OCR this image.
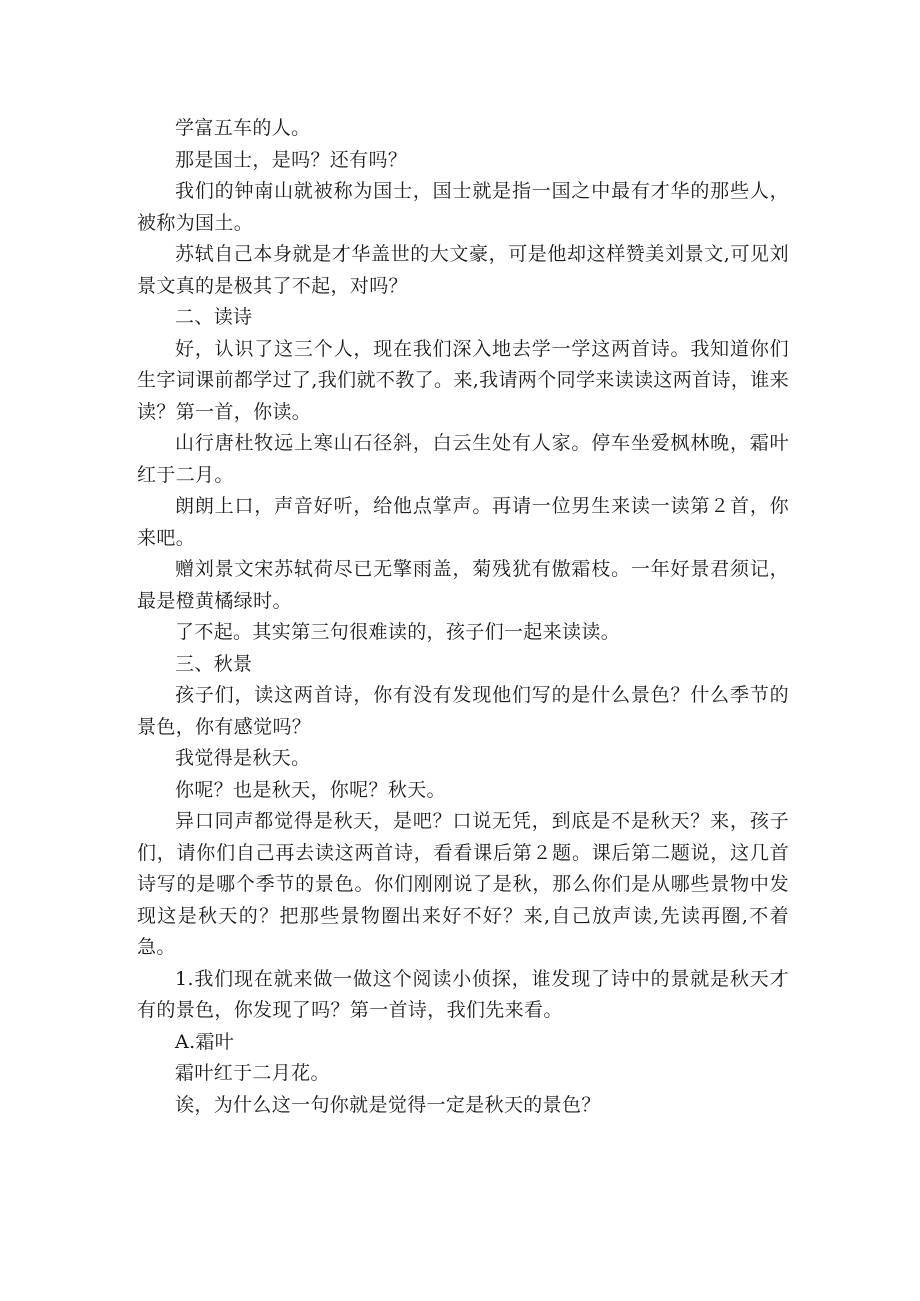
学富五车的人。

那是国士，是吗？还有吗？

我们的钟南山就被称为国士，国士就是指一国之中最有才华的那些人，被称为国土。

苏轼自己本身就是才华盖世的大文豪，可是他却这样赞美刘景文,可见刘景文真的是极其了不起，对吗？

二、读诗

好，认识了这三个人，现在我们深入地去学一学这两首诗。我知道你们生字词课前都学过了,我们就不教了。来,我请两个同学来读读这两首诗，谁来读？第一首，你读。

山行唐杜牧远上寒山石径斜，白云生处有人家。停车坐爱枫林晚，霜叶红于二月。

朗朗上口，声音好听，给他点掌声。再请一位男生来读一读第２首，你来吧。

赠刘景文宋苏轼荷尽已无擎雨盖，菊残犹有傲霜枝。一年好景君须记，最是橙黄橘绿时。

了不起。其实第三句很难读的，孩子们一起来读读。

三、秋景

孩子们，读这两首诗，你有没有发现他们写的是什么景色？什么季节的景色，你有感觉吗？

我觉得是秋天。

你呢？也是秋天，你呢？秋天。

异口同声都觉得是秋天，是吧？口说无凭，到底是不是秋天？来，孩子们，请你们自己再去读这两首诗，看看课后第２题。课后第二题说，这几首诗写的是哪个季节的景色。你们刚刚说了是秋，那么你们是从哪些景物中发现这是秋天的？把那些景物圈出来好不好？来,自己放声读,先读再圈,不着急。

1.我们现在就来做一做这个阅读小侦探，谁发现了诗中的景就是秋天才有的景色，你发现了吗？第一首诗，我们先来看。

A.霜叶

霜叶红于二月花。

诶，为什么这一句你就是觉得一定是秋天的景色？
